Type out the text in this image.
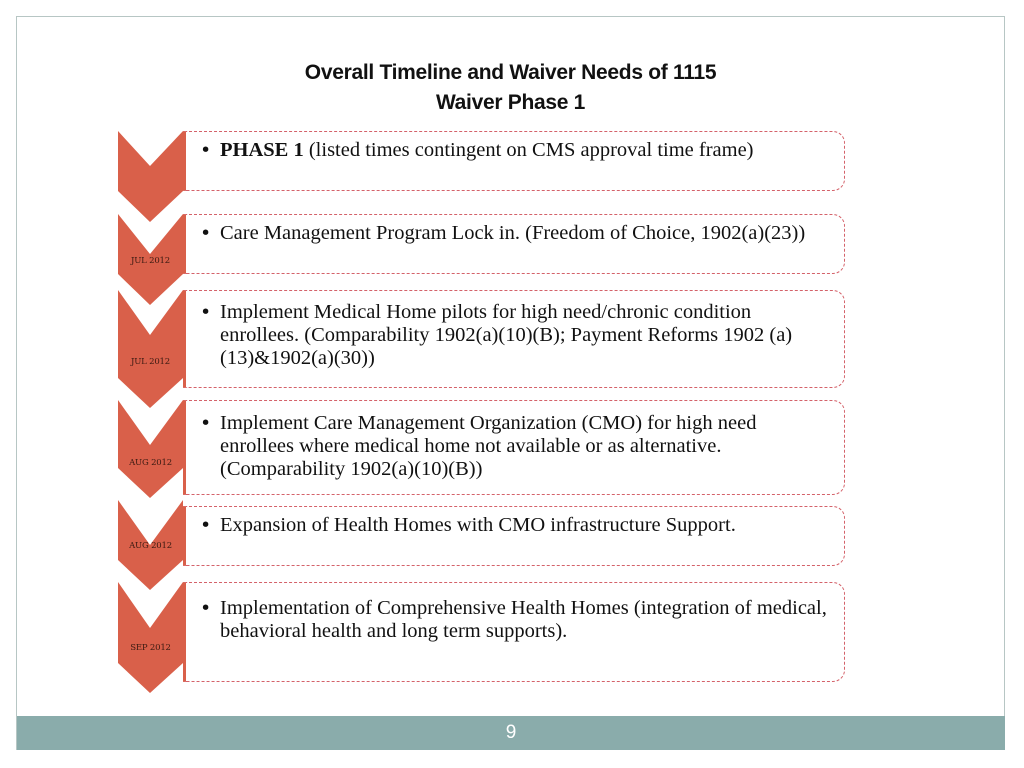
Overall Timeline and Waiver Needs of 1115
Waiver Phase 1
JUL 2012
JUL 2012
AUG 2012
AUG 2012
SEP 2012
• PHASE 1 (listed times contingent on CMS approval time frame)
• Care Management Program Lock in. (Freedom of Choice, 1902(a)(23))
• Implement Medical Home pilots for high need/chronic condition enrollees. (Comparability 1902(a)(10)(B); Payment Reforms 1902 (a)(13)&1902(a)(30))
• Implement Care Management Organization (CMO) for high need enrollees where medical home not available or as alternative. (Comparability 1902(a)(10)(B))
• Expansion of Health Homes with CMO infrastructure Support.
• Implementation of Comprehensive Health Homes (integration of medical, behavioral health and long term supports).
9
